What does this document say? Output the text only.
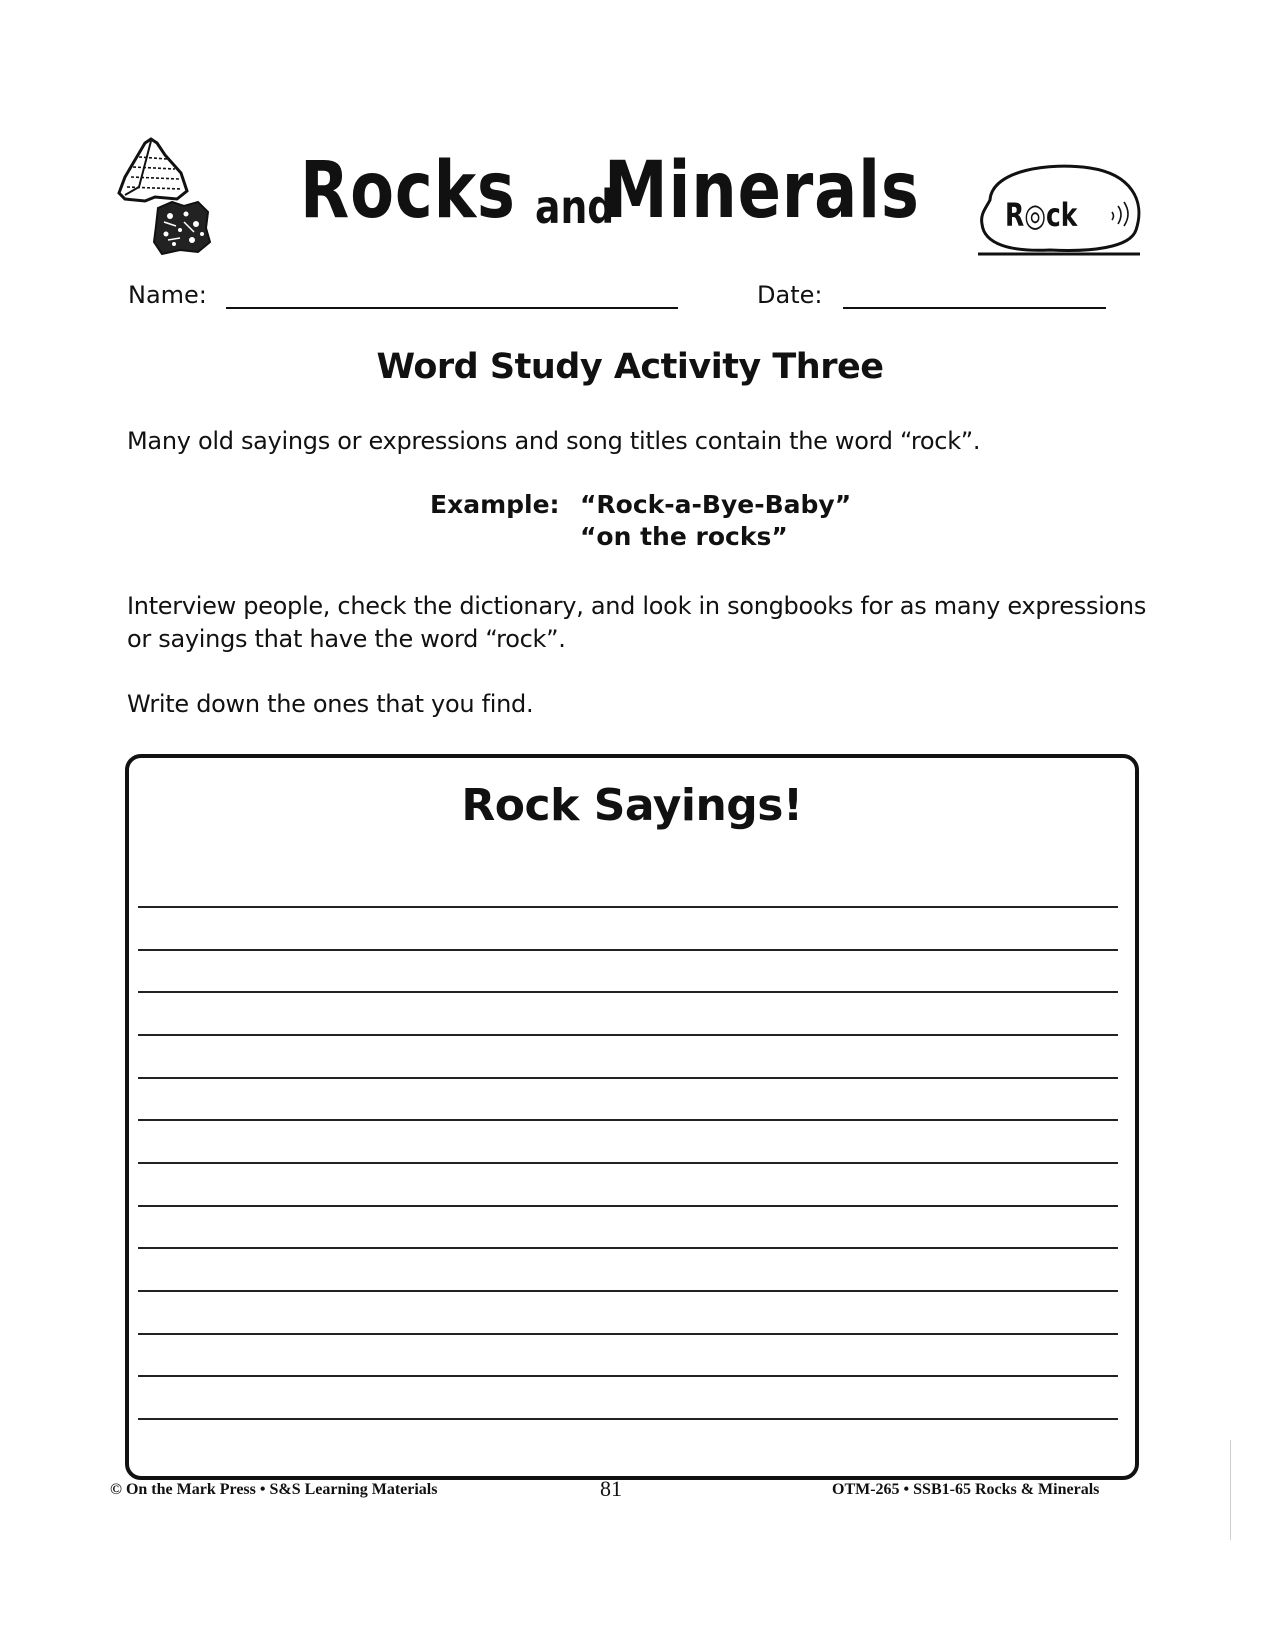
Rocks and
Minerals	R◎ck
Name:	Date:
Word Study Activity Three
Many old sayings or expressions and song titles contain the word “rock”.
Example: “Rock-a-Bye-Baby”
“on the rocks”
Interview people, check the dictionary, and look in songbooks for as many expressions or sayings that have the word “rock”.
Write down the ones that you find.
Rock Sayings!
© On the Mark Press • S&S Learning Materials	81	OTM-265 • SSB1-65 Rocks & Minerals
